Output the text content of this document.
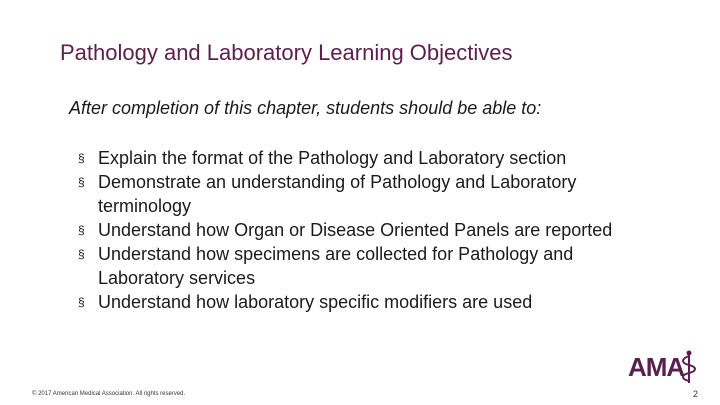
Pathology and Laboratory Learning Objectives
After completion of this chapter, students should be able to:
§ Explain the format of the Pathology and Laboratory section
§ Demonstrate an understanding of Pathology and Laboratory terminology
§ Understand how Organ or Disease Oriented Panels are reported
§ Understand how specimens are collected for Pathology and Laboratory services
§ Understand how laboratory specific modifiers are used
AMA
© 2017 American Medical Association. All rights reserved.	2
